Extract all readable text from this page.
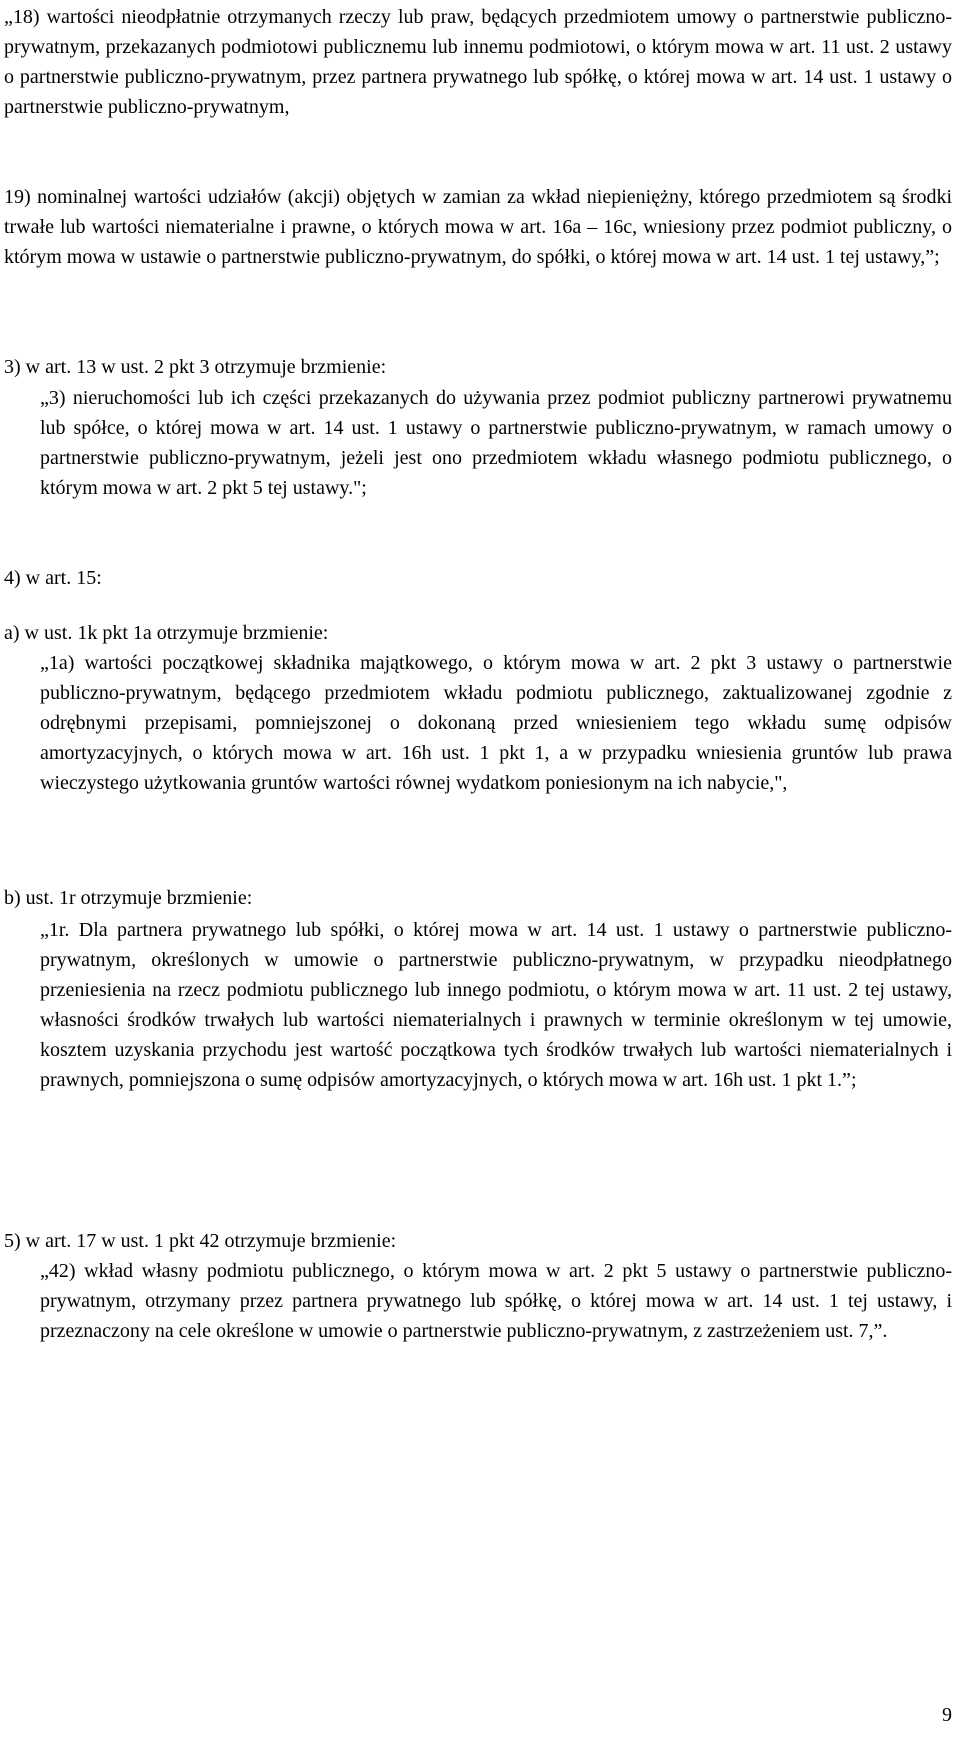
„18) wartości nieodpłatnie otrzymanych rzeczy lub praw, będących przedmiotem umowy o partnerstwie publiczno-prywatnym, przekazanych podmiotowi publicznemu lub innemu podmiotowi, o którym mowa w art. 11 ust. 2 ustawy o partnerstwie publiczno-prywatnym, przez partnera prywatnego lub spółkę, o której mowa w art. 14 ust. 1 ustawy o partnerstwie publiczno-prywatnym,

19) nominalnej wartości udziałów (akcji) objętych w zamian za wkład niepieniężny, którego przedmiotem są środki trwałe lub wartości niematerialne i prawne, o których mowa w art. 16a – 16c, wniesiony przez podmiot publiczny, o którym mowa w ustawie o partnerstwie publiczno-prywatnym, do spółki, o której mowa w art. 14 ust. 1 tej ustawy,”;

3) w art. 13 w ust. 2 pkt 3 otrzymuje brzmienie:

„3) nieruchomości lub ich części przekazanych do używania przez podmiot publiczny partnerowi prywatnemu lub spółce, o której mowa w art. 14 ust. 1 ustawy o partnerstwie publiczno-prywatnym, w ramach umowy o partnerstwie publiczno-prywatnym, jeżeli jest ono przedmiotem wkładu własnego podmiotu publicznego, o którym mowa w art. 2 pkt 5 tej ustawy.";

4) w art. 15:

a) w ust. 1k pkt 1a otrzymuje brzmienie:

„1a) wartości początkowej składnika majątkowego, o którym mowa w art. 2 pkt 3 ustawy o partnerstwie publiczno-prywatnym, będącego przedmiotem wkładu podmiotu publicznego, zaktualizowanej zgodnie z odrębnymi przepisami, pomniejszonej o dokonaną przed wniesieniem tego wkładu sumę odpisów amortyzacyjnych, o których mowa w art. 16h ust. 1 pkt 1, a w przypadku wniesienia gruntów lub prawa wieczystego użytkowania gruntów wartości równej wydatkom poniesionym na ich nabycie,",

b) ust. 1r otrzymuje brzmienie:

„1r. Dla partnera prywatnego lub spółki, o której mowa w art. 14 ust. 1 ustawy o partnerstwie publiczno-prywatnym, określonych w umowie o partnerstwie publiczno-prywatnym, w przypadku nieodpłatnego przeniesienia na rzecz podmiotu publicznego lub innego podmiotu, o którym mowa w art. 11 ust. 2 tej ustawy, własności środków trwałych lub wartości niematerialnych i prawnych w terminie określonym w tej umowie, kosztem uzyskania przychodu jest wartość początkowa tych środków trwałych lub wartości niematerialnych i prawnych, pomniejszona o sumę odpisów amortyzacyjnych, o których mowa w art. 16h ust. 1 pkt 1.”;

5) w art. 17 w ust. 1 pkt 42 otrzymuje brzmienie:

„42) wkład własny podmiotu publicznego, o którym mowa w art. 2 pkt 5 ustawy o partnerstwie publiczno-prywatnym, otrzymany przez partnera prywatnego lub spółkę, o której mowa w art. 14 ust. 1 tej ustawy, i przeznaczony na cele określone w umowie o partnerstwie publiczno-prywatnym, z zastrzeżeniem ust. 7,”.

9
